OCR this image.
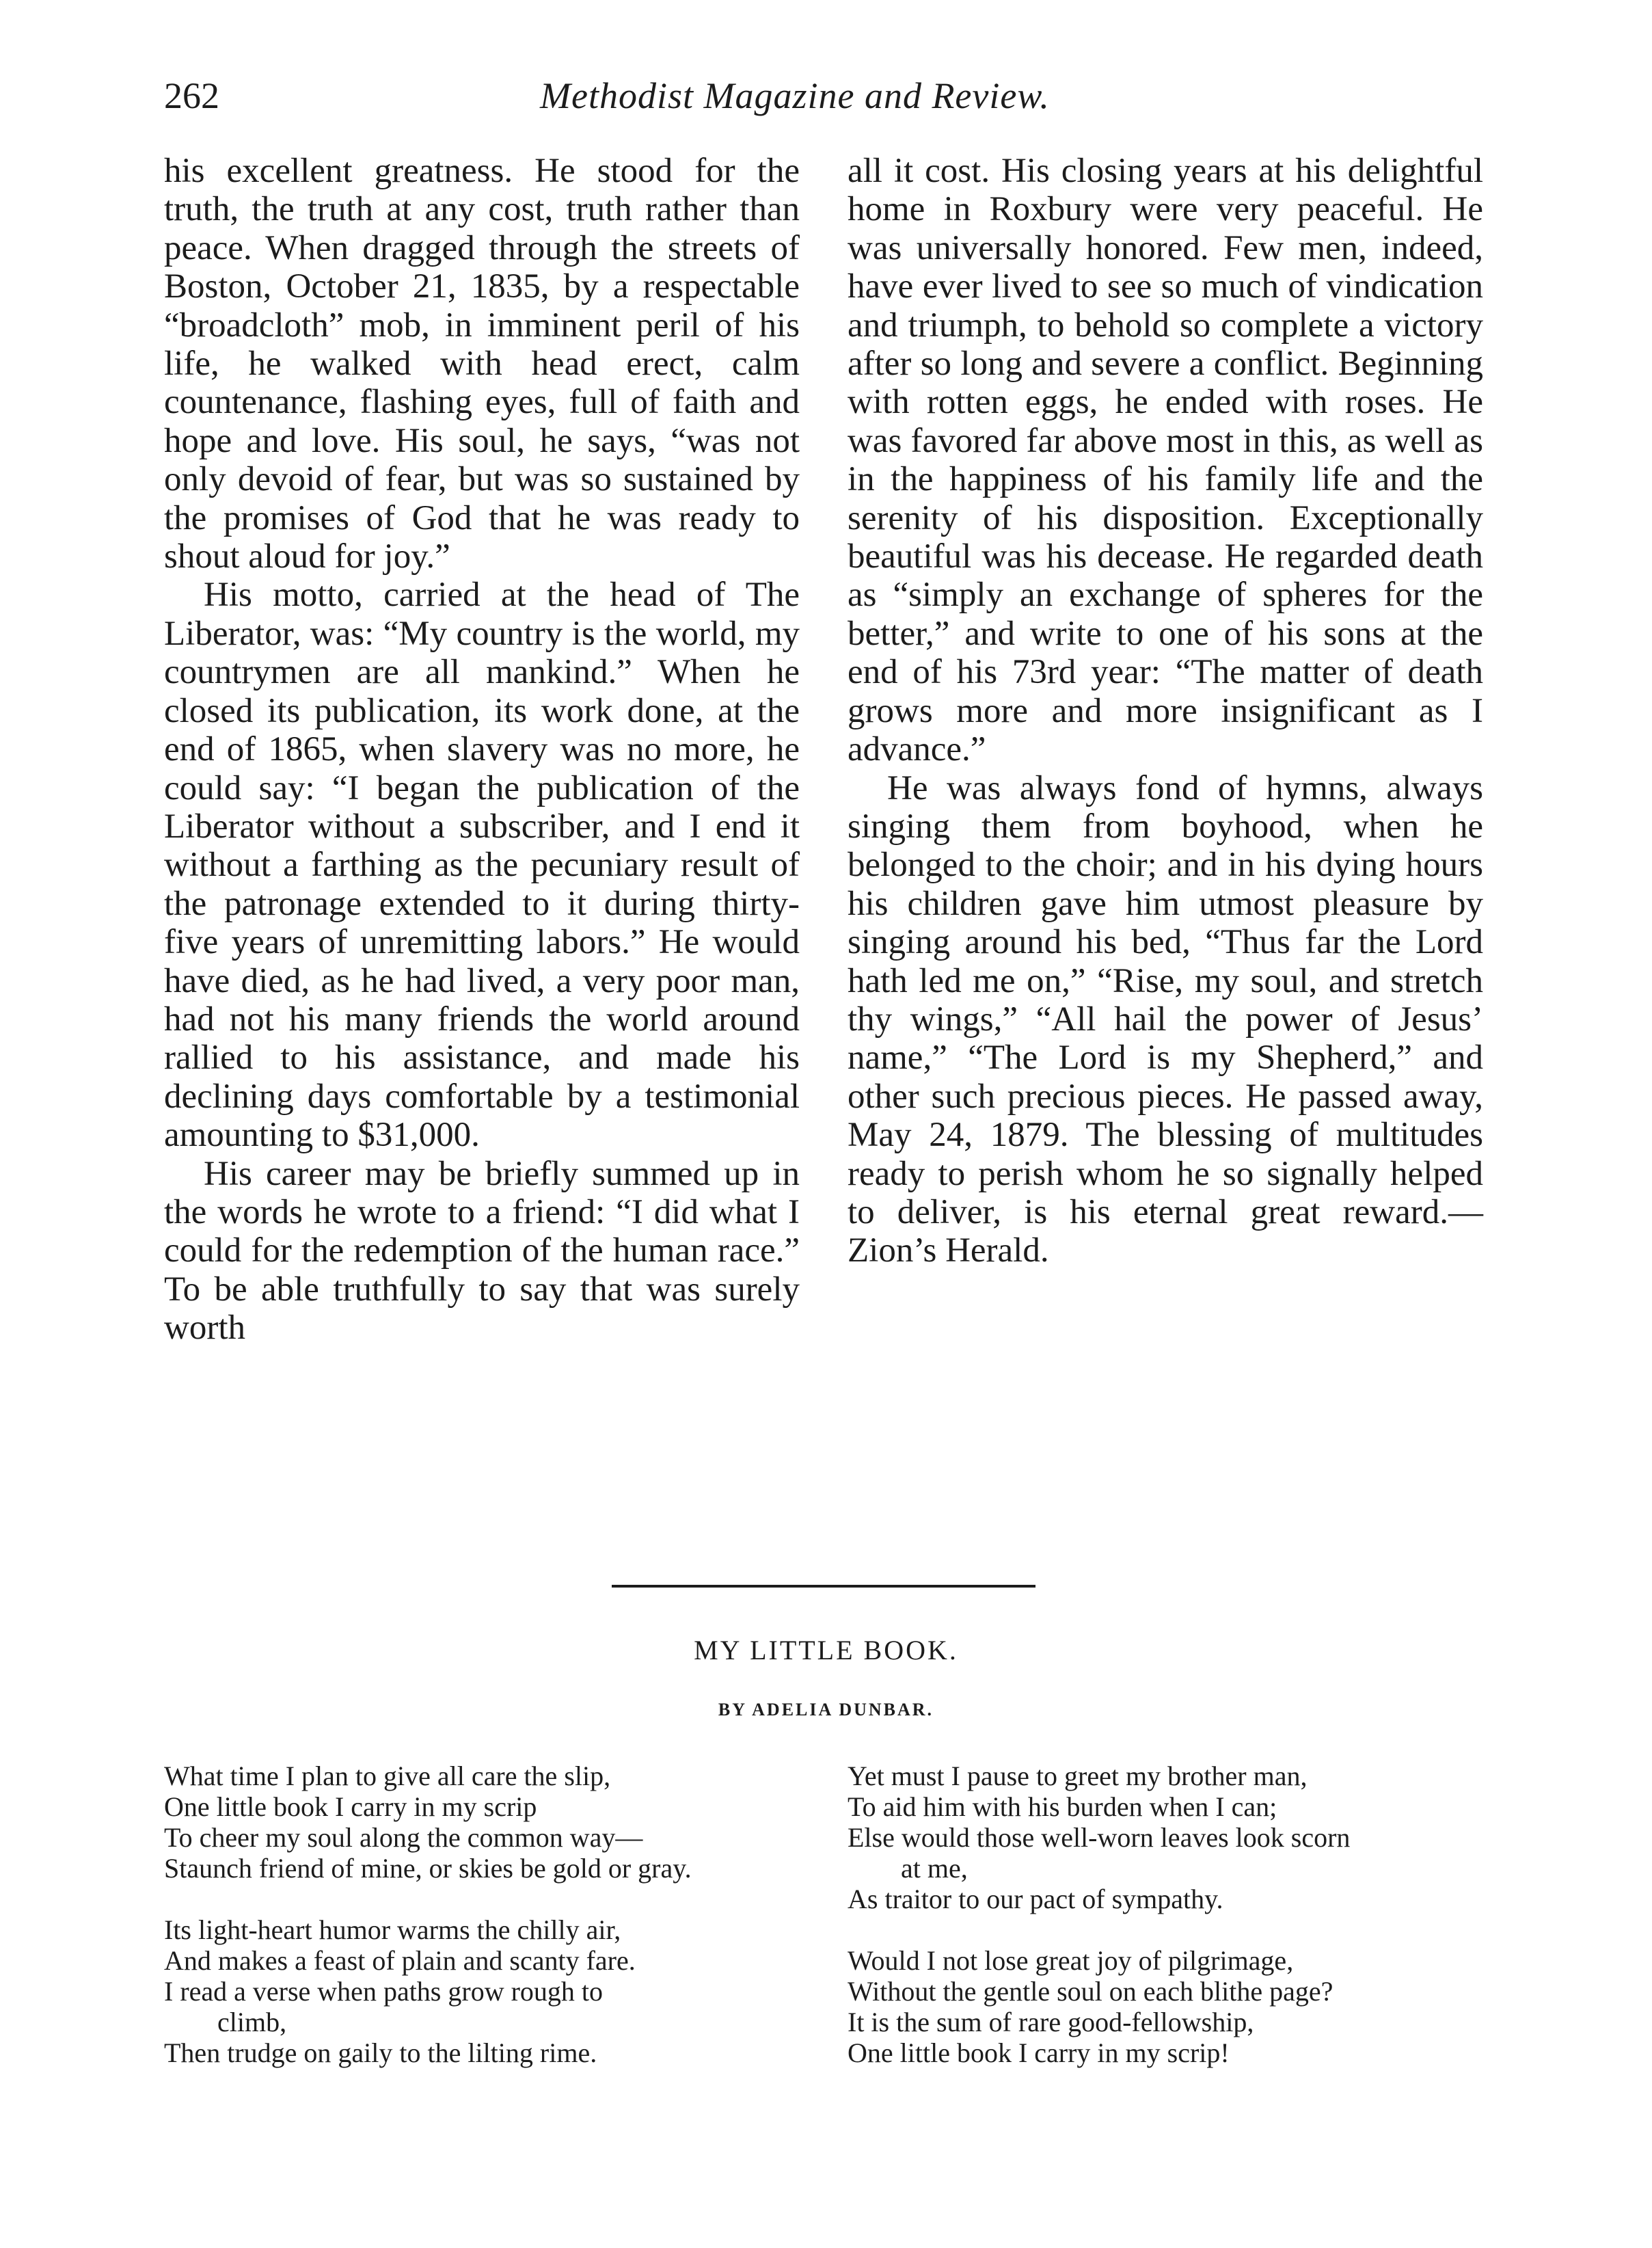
262	Methodist Magazine and Review.

his excellent greatness. He stood for the truth, the truth at any cost, truth rather than peace. When dragged through the streets of Boston, October 21, 1835, by a respectable “broadcloth” mob, in imminent peril of his life, he walked with head erect, calm countenance, flashing eyes, full of faith and hope and love. His soul, he says, “was not only devoid of fear, but was so sustained by the promises of God that he was ready to shout aloud for joy.”

His motto, carried at the head of The Liberator, was: “My country is the world, my countrymen are all mankind.” When he closed its publication, its work done, at the end of 1865, when slavery was no more, he could say: “I began the publication of the Liberator without a subscriber, and I end it without a farthing as the pecuniary result of the patronage extended to it during thirty-five years of unremitting labors.” He would have died, as he had lived, a very poor man, had not his many friends the world around rallied to his assistance, and made his declining days comfortable by a testimonial amounting to $31,000.

His career may be briefly summed up in the words he wrote to a friend: “I did what I could for the redemption of the human race.” To be able truthfully to say that was surely worth

all it cost. His closing years at his delightful home in Roxbury were very peaceful. He was universally honored. Few men, indeed, have ever lived to see so much of vindication and triumph, to behold so complete a victory after so long and severe a conflict. Beginning with rotten eggs, he ended with roses. He was favored far above most in this, as well as in the happiness of his family life and the serenity of his disposition. Exceptionally beautiful was his decease. He regarded death as “simply an exchange of spheres for the better,” and write to one of his sons at the end of his 73rd year: “The matter of death grows more and more insignificant as I advance.”

He was always fond of hymns, always singing them from boyhood, when he belonged to the choir; and in his dying hours his children gave him utmost pleasure by singing around his bed, “Thus far the Lord hath led me on,” “Rise, my soul, and stretch thy wings,” “All hail the power of Jesus’ name,” “The Lord is my Shepherd,” and other such precious pieces. He passed away, May 24, 1879. The blessing of multitudes ready to perish whom he so signally helped to deliver, is his eternal great reward.—Zion’s Herald.

MY LITTLE BOOK.
BY ADELIA DUNBAR.
What time I plan to give all care the slip,
One little book I carry in my scrip
To cheer my soul along the common way—
Staunch friend of mine, or skies be gold or gray.
Its light-heart humor warms the chilly air,
And makes a feast of plain and scanty fare.
I read a verse when paths grow rough to
climb,
Then trudge on gaily to the lilting rime.
Yet must I pause to greet my brother man,
To aid him with his burden when I can;
Else would those well-worn leaves look scorn
at me,
As traitor to our pact of sympathy.
Would I not lose great joy of pilgrimage,
Without the gentle soul on each blithe page?
It is the sum of rare good-fellowship,
One little book I carry in my scrip!
